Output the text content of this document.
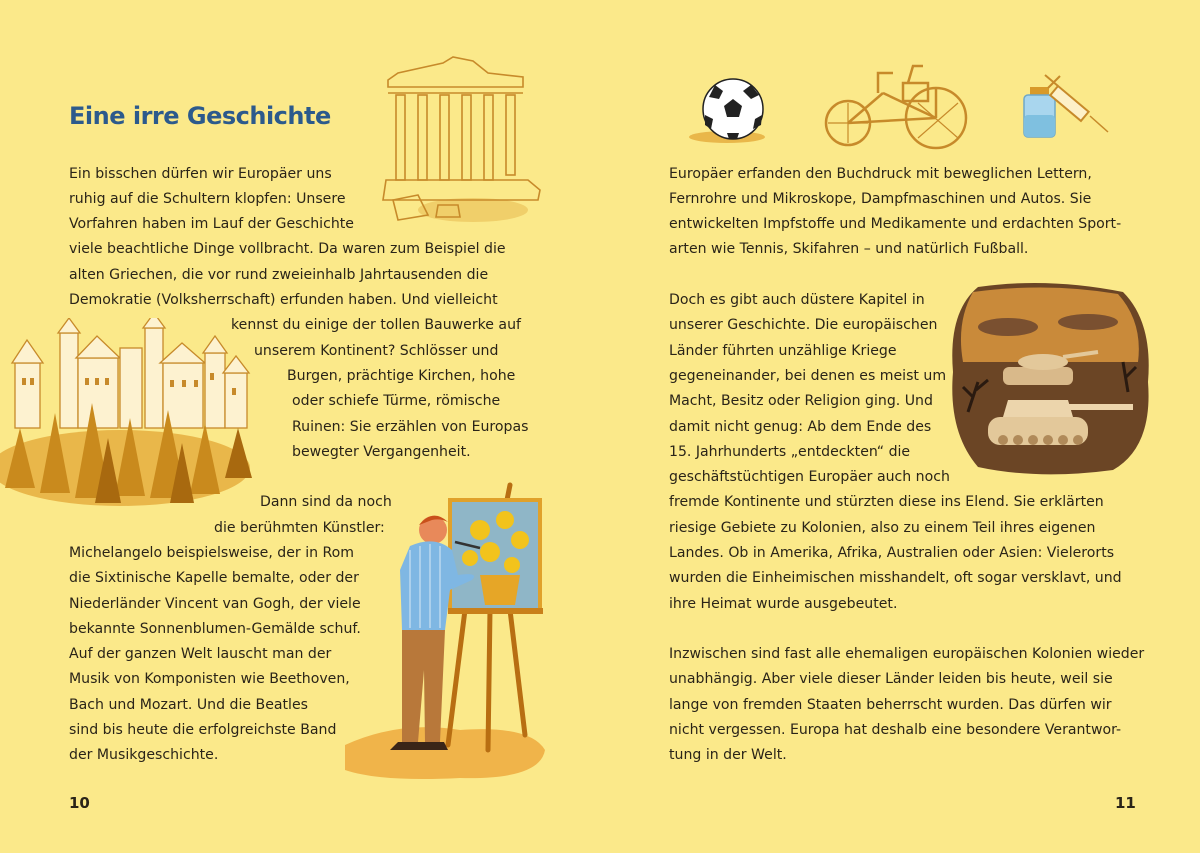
Eine irre Geschichte
Ein bisschen dürfen wir Europäer uns
ruhig auf die Schultern klopfen: Unsere
Vorfahren haben im Lauf der Geschichte
viele beachtliche Dinge vollbracht. Da waren zum Beispiel die
alten Griechen, die vor rund zweieinhalb Jahrtausenden die
Demokratie (Volksherrschaft) erfunden haben. Und vielleicht
kennst du einige der tollen Bauwerke auf
unserem Kontinent? Schlösser und
Burgen, prächtige Kirchen, hohe
oder schiefe Türme, römische
Ruinen: Sie erzählen von Europas
bewegter Vergangenheit.
Dann sind da noch
die berühmten Künstler:
Michelangelo beispielsweise, der in Rom
die Sixtinische Kapelle bemalte, oder der
Niederländer Vincent van Gogh, der viele
bekannte Sonnenblumen-Gemälde schuf.
Auf der ganzen Welt lauscht man der
Musik von Komponisten wie Beethoven,
Bach und Mozart. Und die Beatles
sind bis heute die erfolgreichste Band
der Musikgeschichte.
10
Europäer erfanden den Buchdruck mit beweglichen Lettern,
Fernrohre und Mikroskope, Dampfmaschinen und Autos. Sie
entwickelten Impfstoffe und Medikamente und erdachten Sport-
arten wie Tennis, Skifahren – und natürlich Fußball.
Doch es gibt auch düstere Kapitel in
unserer Geschichte. Die europäischen
Länder führten unzählige Kriege
gegeneinander, bei denen es meist um
Macht, Besitz oder Religion ging. Und
damit nicht genug: Ab dem Ende des
15. Jahrhunderts „entdeckten“ die
geschäftstüchtigen Europäer auch noch
fremde Kontinente und stürzten diese ins Elend. Sie erklärten
riesige Gebiete zu Kolonien, also zu einem Teil ihres eigenen
Landes. Ob in Amerika, Afrika, Australien oder Asien: Vielerorts
wurden die Einheimischen misshandelt, oft sogar versklavt, und
ihre Heimat wurde ausgebeutet.
Inzwischen sind fast alle ehemaligen europäischen Kolonien wieder
unabhängig. Aber viele dieser Länder leiden bis heute, weil sie
lange von fremden Staaten beherrscht wurden. Das dürfen wir
nicht vergessen. Europa hat deshalb eine besondere Verantwor-
tung in der Welt.
11
